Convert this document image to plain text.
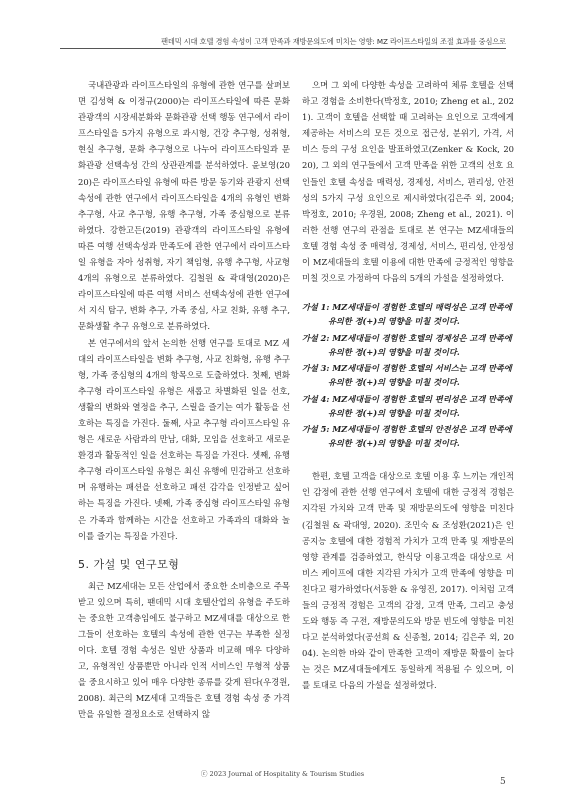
팬데믹 시대 호텔 경험 속성이 고객 만족과 재방문의도에 미치는 영향: MZ 라이프스타일의 조절 효과를 중심으로

국내관광과 라이프스타일의 유형에 관한 연구를 살펴보면 김성혁 & 이정규(2000)는 라이프스타일에 따른 문화관광객의 시장세분화와 문화관광 선택 행동 연구에서 라이프스타일을 5가지 유형으로 과시형, 건강 추구형, 성취형, 현실 추구형, 문화 추구형으로 나누어 라이프스타일과 문화관광 선택속성 간의 상관관계를 분석하였다. 윤보영(2020)은 라이프스타일 유형에 따른 방문 동기와 관광지 선택속성에 관한 연구에서 라이프스타일을 4개의 유형인 변화 추구형, 사교 추구형, 유행 추구형, 가족 중심형으로 분류하였다. 강한고든(2019) 관광객의 라이프스타일 유형에 따른 여행 선택속성과 만족도에 관한 연구에서 라이프스타일 유형을 자아 성취형, 자기 책임형, 유행 추구형, 사교형 4개의 유형으로 분류하였다. 김철원 & 곽대영(2020)은 라이프스타일에 따른 여행 서비스 선택속성에 관한 연구에서 지식 탐구, 변화 추구, 가족 중심, 사교 친화, 유행 추구, 문화생활 추구 유형으로 분류하였다.

본 연구에서의 앞서 논의한 선행 연구를 토대로 MZ 세대의 라이프스타일을 변화 추구형, 사교 친화형, 유행 추구형, 가족 중심형의 4개의 항목으로 도출하였다. 첫째, 변화 추구형 라이프스타일 유형은 새롭고 차별화된 일을 선호, 생활의 변화와 열정을 추구, 스릴을 즐기는 여가 활동을 선호하는 특징을 가진다. 둘째, 사교 추구형 라이프스타일 유형은 새로운 사람과의 만남, 대화, 모임을 선호하고 새로운 환경과 활동적인 일을 선호하는 특징을 가진다. 셋째, 유행 추구형 라이프스타일 유형은 최신 유행에 민감하고 선호하며 유행하는 패션을 선호하고 패션 감각을 인정받고 싶어 하는 특징을 가진다. 넷째, 가족 중심형 라이프스타일 유형은 가족과 함께하는 시간을 선호하고 가족과의 대화와 놀이를 즐기는 특징을 가진다.

5. 가설 및 연구모형

최근 MZ세대는 모든 산업에서 중요한 소비층으로 주목받고 있으며 특히, 팬데믹 시대 호텔산업의 유형을 주도하는 중요한 고객층임에도 불구하고 MZ세대를 대상으로 한 그들이 선호하는 호텔의 속성에 관한 연구는 부족한 실정이다. 호텔 경험 속성은 일반 상품과 비교해 매우 다양하고, 유형적인 상품뿐만 아니라 인적 서비스인 무형적 상품을 중요시하고 있어 매우 다양한 종류를 갖게 된다(우경원, 2008). 최근의 MZ세대 고객들은 호텔 경험 속성 중 가격만을 유일한 결정요소로 선택하지 않

으며 그 외에 다양한 속성을 고려하여 체류 호텔을 선택하고 경험을 소비한다(박정호, 2010; Zheng et al., 2021). 고객이 호텔을 선택할 때 고려하는 요인으로 고객에게 제공하는 서비스의 모든 것으로 접근성, 분위기, 가격, 서비스 등의 구성 요인을 발표하였고(Zenker & Kock, 2020), 그 외의 연구들에서 고객 만족을 위한 고객의 선호 요인들인 호텔 속성을 매력성, 경제성, 서비스, 편리성, 안전성의 5가지 구성 요인으로 제시하였다(김은주 외, 2004; 박정호, 2010; 우경원, 2008; Zheng et al., 2021). 이러한 선행 연구의 관점을 토대로 본 연구는 MZ세대들의 호텔 경험 속성 중 매력성, 경제성, 서비스, 편리성, 안정성이 MZ세대들의 호텔 이용에 대한 만족에 긍정적인 영향을 미칠 것으로 가정하여 다음의 5개의 가설을 설정하였다.

가설 1: MZ세대들이 경험한 호텔의 매력성은 고객 만족에 유의한 정(+)의 영향을 미칠 것이다.
가설 2: MZ세대들이 경험한 호텔의 경제성은 고객 만족에 유의한 정(+)의 영향을 미칠 것이다.
가설 3: MZ세대들이 경험한 호텔의 서비스는 고객 만족에 유의한 정(+)의 영향을 미칠 것이다.
가설 4: MZ세대들이 경험한 호텔의 편리성은 고객 만족에 유의한 정(+)의 영향을 미칠 것이다.
가설 5: MZ세대들이 경험한 호텔의 안전성은 고객 만족에 유의한 정(+)의 영향을 미칠 것이다.

한편, 호텔 고객을 대상으로 호텔 이용 후 느끼는 개인적인 감정에 관한 선행 연구에서 호텔에 대한 긍정적 경험은 지각된 가치와 고객 만족 및 재방문의도에 영향을 미친다(김철원 & 곽대영, 2020). 조민숙 & 조성환(2021)은 인공지능 호텔에 대한 경험적 가치가 고객 만족 및 재방문의 영향 관계를 검증하였고, 한식당 이용고객을 대상으로 서비스 케이프에 대한 지각된 가치가 고객 만족에 영향을 미친다고 평가하였다(서동환 & 유영진, 2017). 이처럼 고객들의 긍정적 경험은 고객의 감정, 고객 만족, 그리고 충성도와 행동 즉 구전, 재방문의도와 방문 빈도에 영향을 미친다고 분석하였다(공선희 & 신종철, 2014; 김은주 외, 2004). 논의한 바와 같이 만족한 고객이 재방문 확률이 높다는 것은 MZ세대들에게도 동일하게 적용될 수 있으며, 이를 토대로 다음의 가설을 설정하였다.

ⓒ 2023 Journal of Hospitality & Tourism Studies
5
